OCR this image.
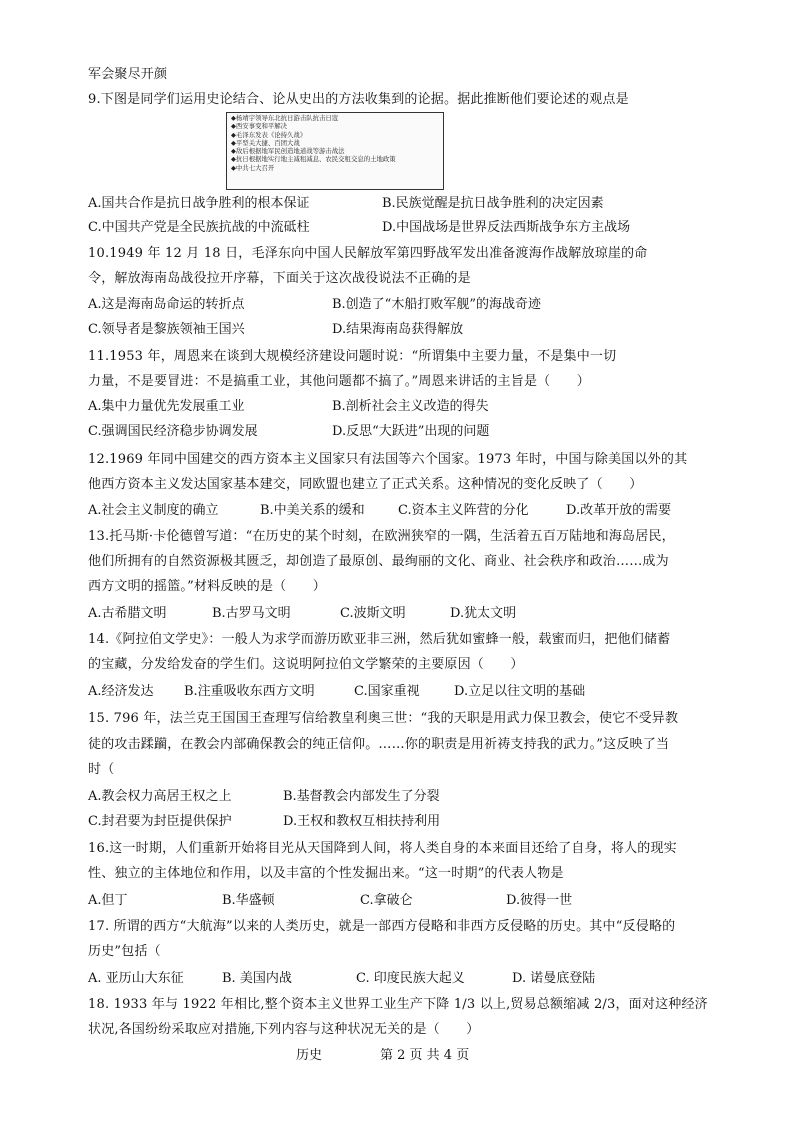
军会聚尽开颜
9.下图是同学们运用史论结合、论从史出的方法收集到的论据。据此推断他们要论述的观点是
◆杨靖宇领导东北抗日游击队抗击日寇
◆西安事变和平解决
◆毛泽东发表《论持久战》
◆平型关大捷、百团大战
◆敌后根据地军民创造地道战等游击战法
◆抗日根据地实行地主减租减息、农民交租交息的土地政策
◆中共七大召开
A.国共合作是抗日战争胜利的根本保证	B.民族觉醒是抗日战争胜利的决定因素
C.中国共产党是全民族抗战的中流砥柱	D.中国战场是世界反法西斯战争东方主战场
10.1949 年 12 月 18 日，毛泽东向中国人民解放军第四野战军发出准备渡海作战解放琼崖的命
令，解放海南岛战役拉开序幕，下面关于这次战役说法不正确的是
A.这是海南岛命运的转折点	B.创造了“木船打败军舰”的海战奇迹
C.领导者是黎族领袖王国兴	D.结果海南岛获得解放
11.1953 年，周恩来在谈到大规模经济建设问题时说：“所谓集中主要力量，不是集中一切
力量，不是要冒进：不是搞重工业，其他问题都不搞了。”周恩来讲话的主旨是（　　）
A.集中力量优先发展重工业	B.剖析社会主义改造的得失
C.强调国民经济稳步协调发展	D.反思“大跃进”出现的问题
12.1969 年同中国建交的西方资本主义国家只有法国等六个国家。1973 年时，中国与除美国以外的其
他西方资本主义发达国家基本建交，同欧盟也建立了正式关系。这种情况的变化反映了（　　）
A.社会主义制度的确立	B.中美关系的缓和	C.资本主义阵营的分化	D.改革开放的需要
13.托马斯·卡伦德曾写道：“在历史的某个时刻，在欧洲狭窄的一隅，生活着五百万陆地和海岛居民，
他们所拥有的自然资源极其匮乏，却创造了最原创、最绚丽的文化、商业、社会秩序和政治……成为
西方文明的摇篮。”材料反映的是（　　）
A.古希腊文明	B.古罗马文明	C.波斯文明	D.犹太文明
14.《阿拉伯文学史》：一般人为求学而游历欧亚非三洲，然后犹如蜜蜂一般，载蜜而归，把他们储蓄
的宝藏，分发给发奋的学生们。这说明阿拉伯文学繁荣的主要原因（　　）
A.经济发达 B.注重吸收东西方文明	C.国家重视	D.立足以往文明的基础
15. 796 年，法兰克王国国王查理写信给教皇利奥三世：“我的天职是用武力保卫教会，使它不受异教
徒的攻击蹂躏，在教会内部确保教会的纯正信仰。……你的职责是用祈祷支持我的武力。”这反映了当
时（
A.教会权力高居王权之上	B.基督教会内部发生了分裂
C.封君要为封臣提供保护	D.王权和教权互相扶持利用
16.这一时期，人们重新开始将目光从天国降到人间，将人类自身的本来面目还给了自身，将人的现实
性、独立的主体地位和作用，以及丰富的个性发掘出来。“这一时期”的代表人物是
A.但丁	B.华盛顿	C.拿破仑	D.彼得一世
17. 所谓的西方“大航海”以来的人类历史，就是一部西方侵略和非西方反侵略的历史。其中“反侵略的
历史”包括（
A. 亚历山大东征	B. 美国内战	C. 印度民族大起义	D. 诺曼底登陆
18. 1933 年与 1922 年相比,整个资本主义世界工业生产下降 1/3 以上,贸易总额缩减 2/3，面对这种经济
状况,各国纷纷采取应对措施,下列内容与这种状况无关的是（　　）
历史	第 2 页 共 4 页
